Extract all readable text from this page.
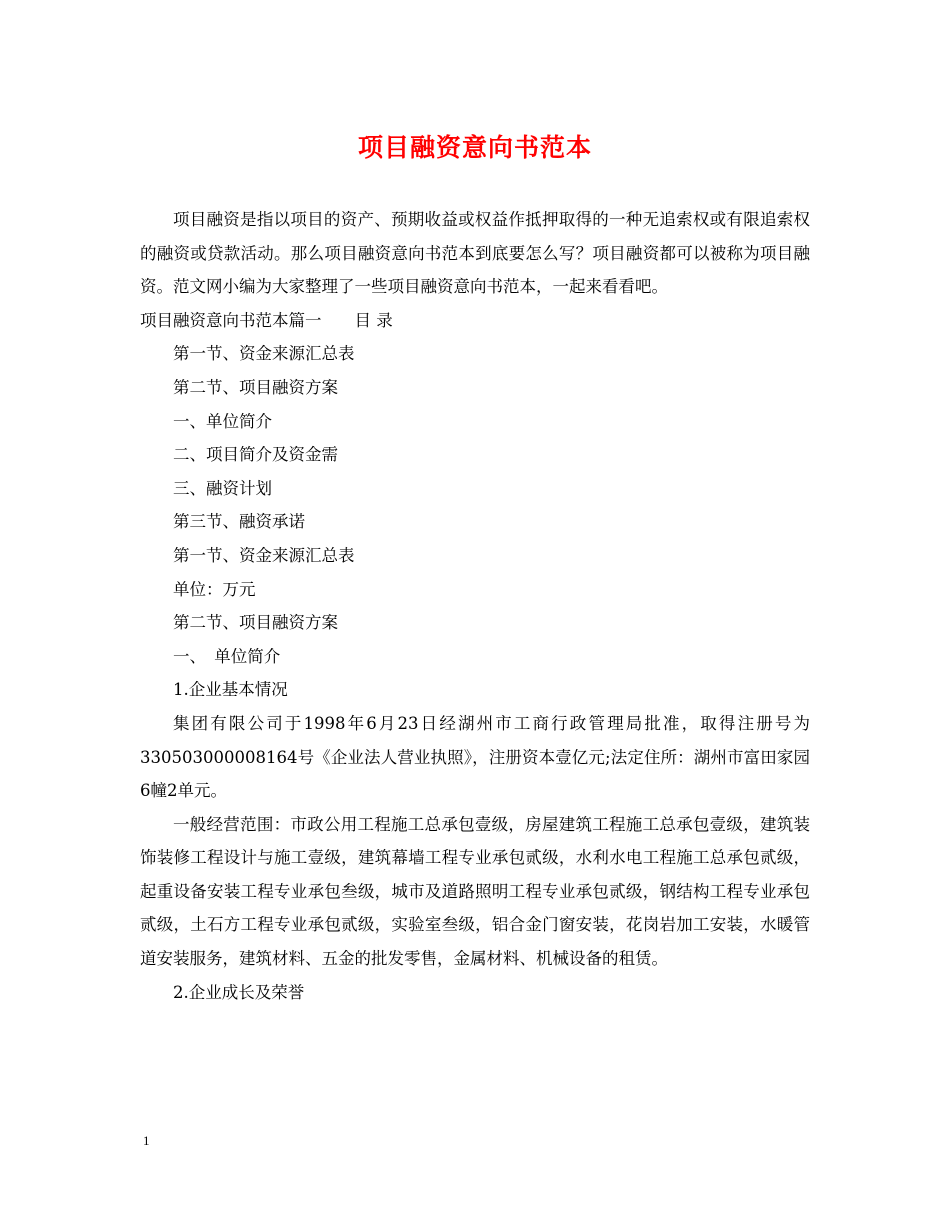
项目融资意向书范本

项目融资是指以项目的资产、预期收益或权益作抵押取得的一种无追索权或有限追索权的融资或贷款活动。那么项目融资意向书范本到底要怎么写？项目融资都可以被称为项目融资。范文网小编为大家整理了一些项目融资意向书范本，一起来看看吧。

项目融资意向书范本篇一　　目 录

第一节、资金来源汇总表

第二节、项目融资方案

一、单位简介

二、项目简介及资金需

三、融资计划

第三节、融资承诺

第一节、资金来源汇总表

单位：万元

第二节、项目融资方案

一、　单位简介

1.企业基本情况

集团有限公司于1998年6月23日经湖州市工商行政管理局批准，取得注册号为330503000008164号《企业法人营业执照》，注册资本壹亿元;法定住所：湖州市富田家园6幢2单元。

一般经营范围：市政公用工程施工总承包壹级，房屋建筑工程施工总承包壹级，建筑装饰装修工程设计与施工壹级，建筑幕墙工程专业承包贰级，水利水电工程施工总承包贰级，起重设备安装工程专业承包叁级，城市及道路照明工程专业承包贰级，钢结构工程专业承包贰级，土石方工程专业承包贰级，实验室叁级，铝合金门窗安装，花岗岩加工安装，水暖管道安装服务，建筑材料、五金的批发零售，金属材料、机械设备的租赁。

2.企业成长及荣誉

1
